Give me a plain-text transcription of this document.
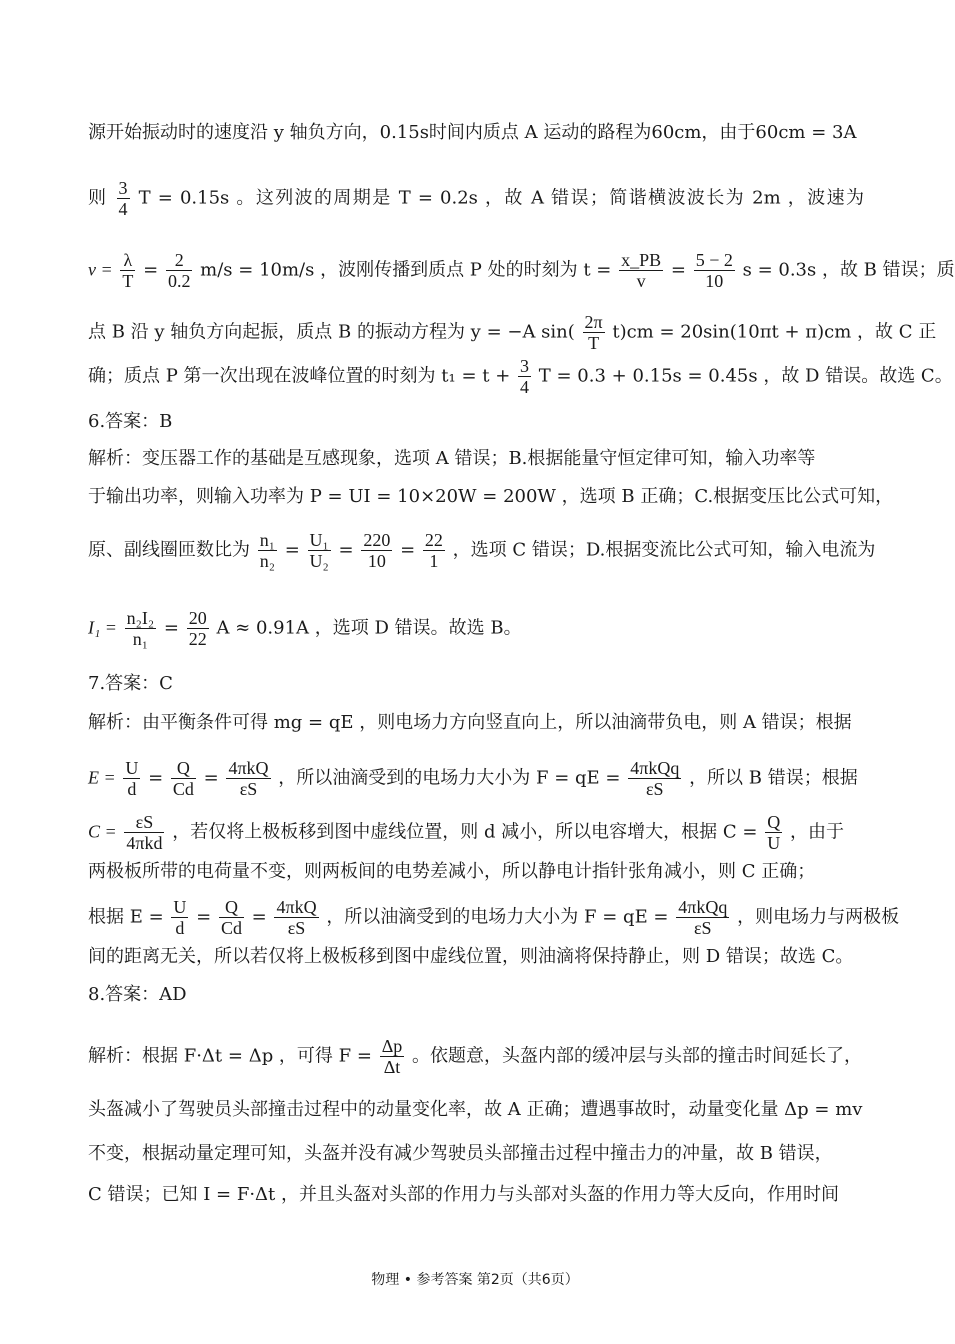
源开始振动时的速度沿 y 轴负方向，0.15s时间内质点 A 运动的路程为60cm，由于60cm = 3A
则 $\frac{3}{4}$ T = 0.15s 。这列波的周期是 T = 0.2s ，故 A 错误；简谐横波波长为 2m ，波速为
$v = \frac{\lambda}{T} = \frac{2}{0.2} m/s = 10m/s$ ，波刚传播到质点 P 处的时刻为 $t = \frac{x\_PB}{v} = \frac{5 - 2}{10}$ s = 0.3s ，故 B 错误；质
点 B 沿 y 轴负方向起振，质点 B 的振动方程为 y = −A $\sin( \frac{2\pi}{T} t)cm = 20\sin(10\pi t + \pi)cm$ ，故 C 正
确；质点 P 第一次出现在波峰位置的时刻为 $t_1 = t + \frac{3}{4}$ T = 0.3 + 0.15s = 0.45s ，故 D 错误。故选 C。
6.答案：B
解析：变压器工作的基础是互感现象，选项 A 错误；B.根据能量守恒定律可知，输入功率等
于输出功率，则输入功率为 P = UI = 10×20W = 200W ，选项 B 正确；C.根据变压比公式可知，
原、副线圈匝数比为 $\frac{\text{n₁}}{\text{n₂}} = \frac{\text{U₁}}{\text{U₂}} = \frac{220}{10} = \frac{22}{1}$ ，选项 C 错误；D.根据变流比公式可知，输入电流为
$I_1 = \frac{\text{n₂I₂}}{\text{n₁}} = \frac{20}{22}$ A ≈ 0.91A ，选项 D 错误。故选 B。
7.答案：C
解析：由平衡条件可得 mg = qE ，则电场力方向竖直向上，所以油滴带负电，则 A 错误；根据
$E = \frac{U}{d} = \frac{Q}{Cd} = \frac{\text{4πkQ}}{\varepsilon S}$ ，所以油滴受到的电场力大小为 F = qE = $\frac{\text{4πkQq}}{\varepsilon S}$ ，所以 B 错误；根据
$C = \frac{\varepsilon S}{\text{4πkd}}$ ，若仅将上极板移到图中虚线位置，则 d 减小，所以电容增大，根据 $C = \frac{Q}{U}$ ，由于
两极板所带的电荷量不变，则两板间的电势差减小，所以静电计指针张角减小，则 C 正确；
根据 $E = \frac{U}{d} = \frac{Q}{Cd} = \frac{\text{4πkQ}}{\varepsilon S}$ ，所以油滴受到的电场力大小为 F = qE = $\frac{\text{4πkQq}}{\varepsilon S}$ ，则电场力与两极板
间的距离无关，所以若仅将上极板移到图中虚线位置，则油滴将保持静止，则 D 错误；故选 C。
8.答案：AD
解析：根据 F·Δt = Δp ，可得 $F = \frac{\Delta p}{\Delta t}$ 。依题意，头盔内部的缓冲层与头部的撞击时间延长了，
头盔减小了驾驶员头部撞击过程中的动量变化率，故 A 正确；遭遇事故时，动量变化量 Δp = mv
不变，根据动量定理可知，头盔并没有减少驾驶员头部撞击过程中撞击力的冲量，故 B 错误，
C 错误；已知 I = F·Δt ，并且头盔对头部的作用力与头部对头盔的作用力等大反向，作用时间
物理 • 参考答案 第2页（共6页）
